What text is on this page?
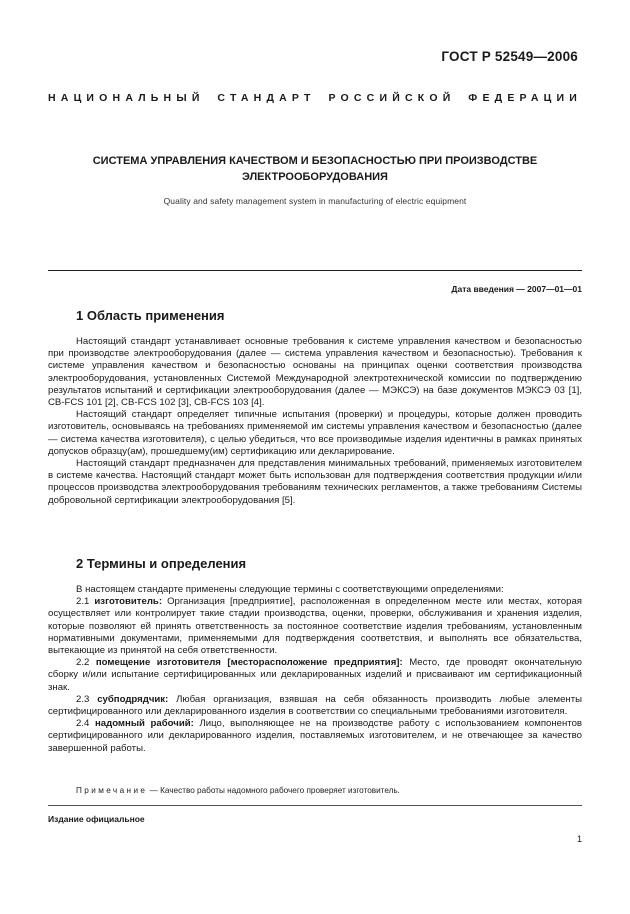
ГОСТ Р 52549—2006
НАЦИОНАЛЬНЫЙ СТАНДАРТ РОССИЙСКОЙ ФЕДЕРАЦИИ
СИСТЕМА УПРАВЛЕНИЯ КАЧЕСТВОМ И БЕЗОПАСНОСТЬЮ ПРИ ПРОИЗВОДСТВЕ
ЭЛЕКТРООБОРУДОВАНИЯ
Quality and safety management system in manufacturing of electric equipment
Дата введения — 2007—01—01
1 Область применения

Настоящий стандарт устанавливает основные требования к системе управления качеством и безопасностью при производстве электрооборудования (далее — система управления качеством и безопасностью). Требования к системе управления качеством и безопасностью основаны на принципах оценки соответствия производства электрооборудования, установленных Системой Международной электротехнической комиссии по подтверждению результатов испытаний и сертификации электрооборудования (далее — МЭКСЭ) на базе документов МЭКСЭ 03 [1], CB-FCS 101 [2], CB-FCS 102 [3], CB-FCS 103 [4].

Настоящий стандарт определяет типичные испытания (проверки) и процедуры, которые должен проводить изготовитель, основываясь на требованиях применяемой им системы управления качеством и безопасностью (далее — система качества изготовителя), с целью убедиться, что все производимые изделия идентичны в рамках принятых допусков образцу(ам), прошедшему(им) сертификацию или декларирование.

Настоящий стандарт предназначен для представления минимальных требований, применяемых изготовителем в системе качества. Настоящий стандарт может быть использован для подтверждения соответствия продукции и/или процессов производства электрооборудования требованиям технических регламентов, а также требованиям Системы добровольной сертификации электрооборудования [5].

2 Термины и определения

В настоящем стандарте применены следующие термины с соответствующими определениями:

2.1 изготовитель: Организация [предприятие], расположенная в определенном месте или местах, которая осуществляет или контролирует такие стадии производства, оценки, проверки, обслуживания и хранения изделия, которые позволяют ей принять ответственность за постоянное соответствие изделия требованиям, установленным нормативными документами, применяемыми для подтверждения соответствия, и выполнять все обязательства, вытекающие из принятой на себя ответственности.

2.2 помещение изготовителя [месторасположение предприятия]: Место, где проводят окончательную сборку и/или испытание сертифицированных или декларированных изделий и присваивают им сертификационный знак.

2.3 субподрядчик: Любая организация, взявшая на себя обязанность производить любые элементы сертифицированного или декларированного изделия в соответствии со специальными требованиями изготовителя.

2.4 надомный рабочий: Лицо, выполняющее не на производстве работу с использованием компонентов сертифицированного или декларированного изделия, поставляемых изготовителем, и не отвечающее за качество завершенной работы.

Примечание — Качество работы надомного рабочего проверяет изготовитель.
Издание официальное
1
